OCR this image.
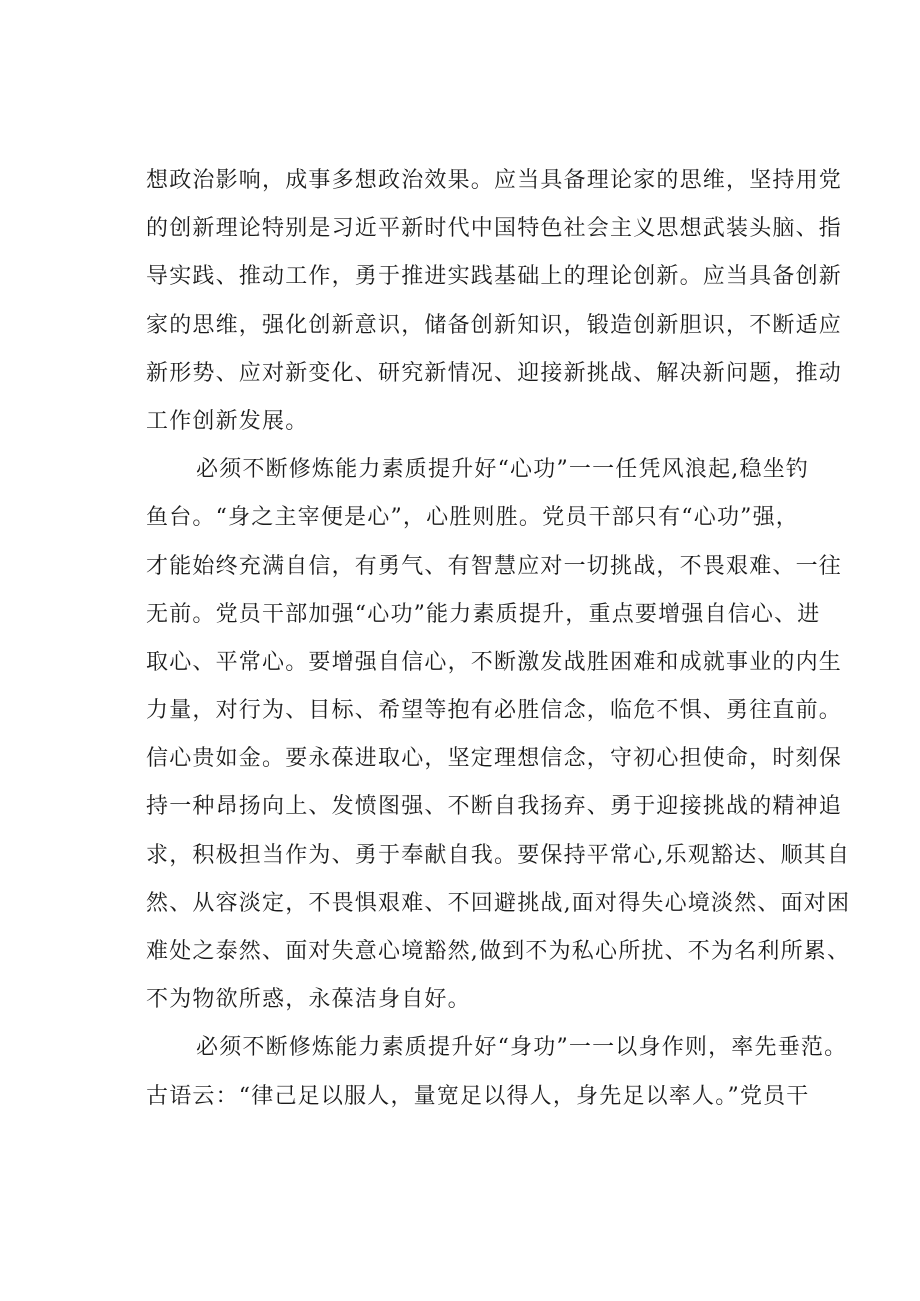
想政治影响，成事多想政治效果。应当具备理论家的思维，坚持用党
的创新理论特别是习近平新时代中国特色社会主义思想武装头脑、指
导实践、推动工作，勇于推进实践基础上的理论创新。应当具备创新
家的思维，强化创新意识，储备创新知识，锻造创新胆识，不断适应
新形势、应对新变化、研究新情况、迎接新挑战、解决新问题，推动
工作创新发展。
必须不断修炼能力素质提升好“心功”一一任凭风浪起,稳坐钓
鱼台。“身之主宰便是心”，心胜则胜。党员干部只有“心功”强，
才能始终充满自信，有勇气、有智慧应对一切挑战，不畏艰难、一往
无前。党员干部加强“心功”能力素质提升，重点要增强自信心、进
取心、平常心。要增强自信心，不断激发战胜困难和成就事业的内生
力量，对行为、目标、希望等抱有必胜信念，临危不惧、勇往直前。
信心贵如金。要永葆进取心，坚定理想信念，守初心担使命，时刻保
持一种昂扬向上、发愤图强、不断自我扬弃、勇于迎接挑战的精神追
求，积极担当作为、勇于奉献自我。要保持平常心,乐观豁达、顺其自
然、从容淡定，不畏惧艰难、不回避挑战,面对得失心境淡然、面对困
难处之泰然、面对失意心境豁然,做到不为私心所扰、不为名利所累、
不为物欲所惑，永葆洁身自好。
必须不断修炼能力素质提升好“身功”一一以身作则，率先垂范。
古语云：“律己足以服人，量宽足以得人，身先足以率人。”党员干
